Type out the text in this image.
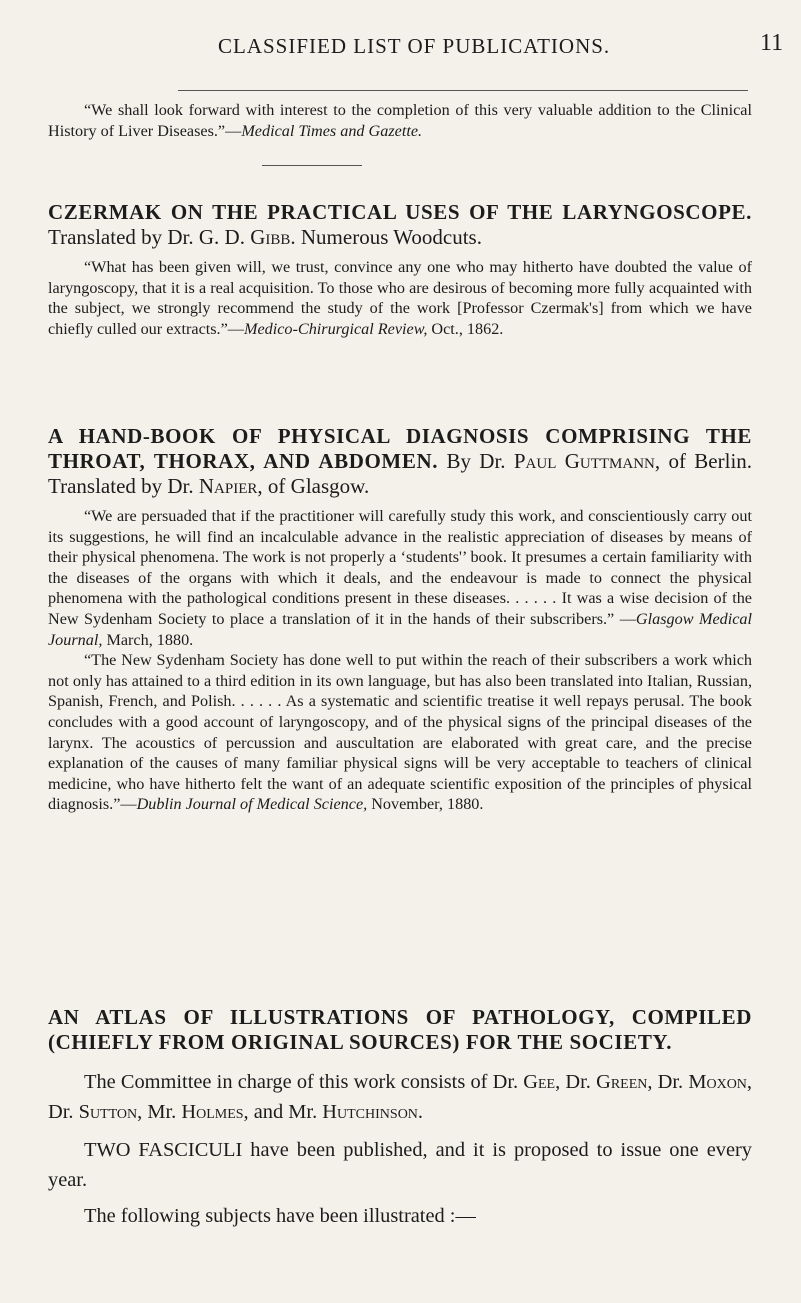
CLASSIFIED LIST OF PUBLICATIONS.	11

“We shall look forward with interest to the completion of this very valuable addition to the Clinical History of Liver Diseases.”—Medical Times and Gazette.

CZERMAK ON THE PRACTICAL USES OF THE LARYNGOSCOPE. Translated by Dr. G. D. Gibb. Numerous Woodcuts.

“What has been given will, we trust, convince any one who may hitherto have doubted the value of laryngoscopy, that it is a real acquisition. To those who are desirous of becoming more fully acquainted with the subject, we strongly recommend the study of the work [Professor Czermak's] from which we have chiefly culled our extracts.”—Medico-Chirurgical Review, Oct., 1862.

A HAND-BOOK OF PHYSICAL DIAGNOSIS COMPRISING THE THROAT, THORAX, AND ABDOMEN. By Dr. Paul Guttmann, of Berlin. Translated by Dr. Napier, of Glasgow.

“We are persuaded that if the practitioner will carefully study this work, and conscientiously carry out its suggestions, he will find an incalculable advance in the realistic appreciation of diseases by means of their physical phenomena. The work is not properly a ‘students'’ book. It presumes a certain familiarity with the diseases of the organs with which it deals, and the endeavour is made to connect the physical phenomena with the pathological conditions present in these diseases. . . . . . It was a wise decision of the New Sydenham Society to place a translation of it in the hands of their subscribers.” —Glasgow Medical Journal, March, 1880.

“The New Sydenham Society has done well to put within the reach of their subscribers a work which not only has attained to a third edition in its own language, but has also been translated into Italian, Russian, Spanish, French, and Polish. . . . . . As a systematic and scientific treatise it well repays perusal. The book concludes with a good account of laryngoscopy, and of the physical signs of the principal diseases of the larynx. The acoustics of percussion and auscultation are elaborated with great care, and the precise explanation of the causes of many familiar physical signs will be very acceptable to teachers of clinical medicine, who have hitherto felt the want of an adequate scientific exposition of the principles of physical diagnosis.”—Dublin Journal of Medical Science, November, 1880.

AN ATLAS OF ILLUSTRATIONS OF PATHOLOGY, COMPILED (CHIEFLY FROM ORIGINAL SOURCES) FOR THE SOCIETY.

The Committee in charge of this work consists of Dr. Gee, Dr. Green, Dr. Moxon, Dr. Sutton, Mr. Holmes, and Mr. Hutchinson.

TWO FASCICULI have been published, and it is proposed to issue one every year.

The following subjects have been illustrated :—
